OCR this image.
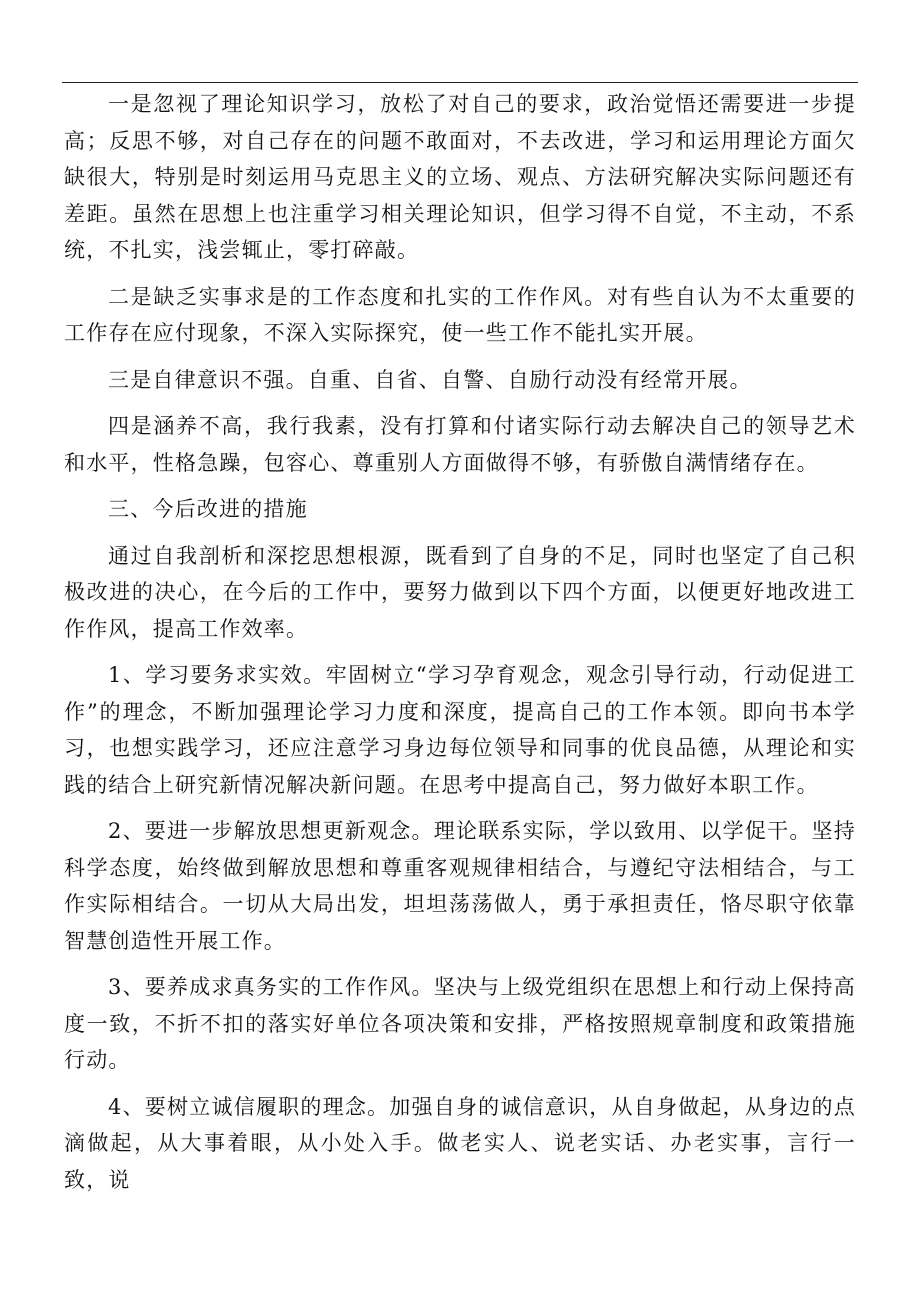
一是忽视了理论知识学习，放松了对自己的要求，政治觉悟还需要进一步提高；反思不够，对自己存在的问题不敢面对，不去改进，学习和运用理论方面欠缺很大，特别是时刻运用马克思主义的立场、观点、方法研究解决实际问题还有差距。虽然在思想上也注重学习相关理论知识，但学习得不自觉，不主动，不系统，不扎实，浅尝辄止，零打碎敲。

二是缺乏实事求是的工作态度和扎实的工作作风。对有些自认为不太重要的工作存在应付现象，不深入实际探究，使一些工作不能扎实开展。

三是自律意识不强。自重、自省、自警、自励行动没有经常开展。

四是涵养不高，我行我素，没有打算和付诸实际行动去解决自己的领导艺术和水平，性格急躁，包容心、尊重别人方面做得不够，有骄傲自满情绪存在。

三、今后改进的措施

通过自我剖析和深挖思想根源，既看到了自身的不足，同时也坚定了自己积极改进的决心，在今后的工作中，要努力做到以下四个方面，以便更好地改进工作作风，提高工作效率。

1、学习要务求实效。牢固树立“学习孕育观念，观念引导行动，行动促进工作”的理念，不断加强理论学习力度和深度，提高自己的工作本领。即向书本学习，也想实践学习，还应注意学习身边每位领导和同事的优良品德，从理论和实践的结合上研究新情况解决新问题。在思考中提高自己，努力做好本职工作。

2、要进一步解放思想更新观念。理论联系实际，学以致用、以学促干。坚持科学态度，始终做到解放思想和尊重客观规律相结合，与遵纪守法相结合，与工作实际相结合。一切从大局出发，坦坦荡荡做人，勇于承担责任，恪尽职守依靠智慧创造性开展工作。

3、要养成求真务实的工作作风。坚决与上级党组织在思想上和行动上保持高度一致，不折不扣的落实好单位各项决策和安排，严格按照规章制度和政策措施行动。

4、要树立诚信履职的理念。加强自身的诚信意识，从自身做起，从身边的点滴做起，从大事着眼，从小处入手。做老实人、说老实话、办老实事，言行一致，说
